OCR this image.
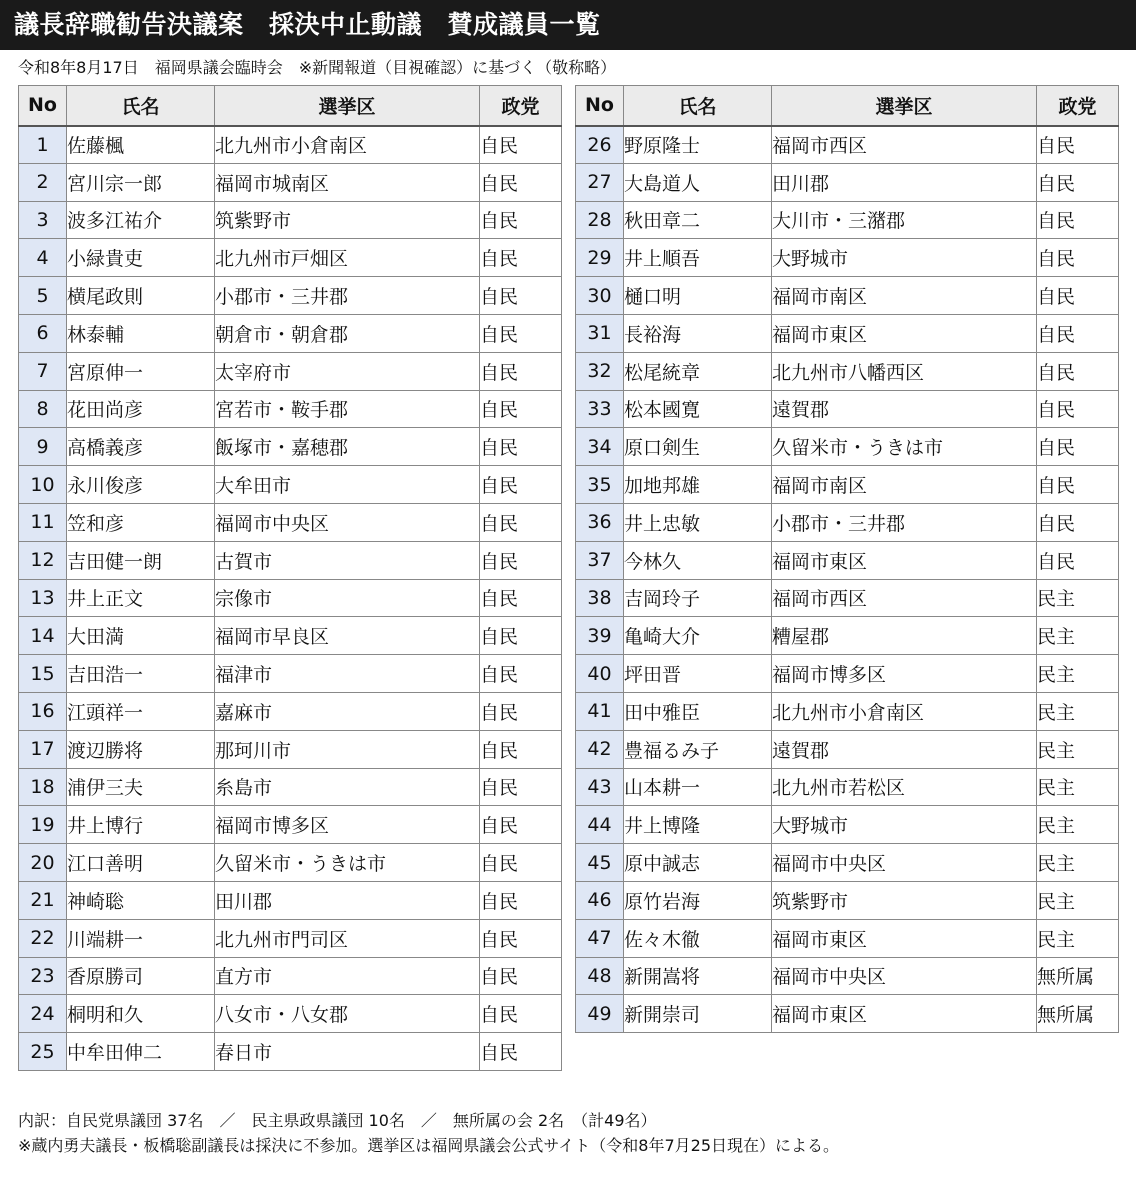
議長辞職勧告決議案　採決中止動議　賛成議員一覧
令和8年8月17日　福岡県議会臨時会　※新聞報道（目視確認）に基づく（敬称略）
No	氏名	選挙区	政党
1	佐藤楓	北九州市小倉南区	自民
2	宮川宗一郎	福岡市城南区	自民
3	波多江祐介	筑紫野市	自民
4	小緑貴吏	北九州市戸畑区	自民
5	横尾政則	小郡市・三井郡	自民
6	林泰輔	朝倉市・朝倉郡	自民
7	宮原伸一	太宰府市	自民
8	花田尚彦	宮若市・鞍手郡	自民
9	高橋義彦	飯塚市・嘉穂郡	自民
10	永川俊彦	大牟田市	自民
11	笠和彦	福岡市中央区	自民
12	吉田健一朗	古賀市	自民
13	井上正文	宗像市	自民
14	大田満	福岡市早良区	自民
15	吉田浩一	福津市	自民
16	江頭祥一	嘉麻市	自民
17	渡辺勝将	那珂川市	自民
18	浦伊三夫	糸島市	自民
19	井上博行	福岡市博多区	自民
20	江口善明	久留米市・うきは市	自民
21	神崎聡	田川郡	自民
22	川端耕一	北九州市門司区	自民
23	香原勝司	直方市	自民
24	桐明和久	八女市・八女郡	自民
25	中牟田伸二	春日市	自民
No	氏名	選挙区	政党
26	野原隆士	福岡市西区	自民
27	大島道人	田川郡	自民
28	秋田章二	大川市・三潴郡	自民
29	井上順吾	大野城市	自民
30	樋口明	福岡市南区	自民
31	長裕海	福岡市東区	自民
32	松尾統章	北九州市八幡西区	自民
33	松本國寛	遠賀郡	自民
34	原口剣生	久留米市・うきは市	自民
35	加地邦雄	福岡市南区	自民
36	井上忠敏	小郡市・三井郡	自民
37	今林久	福岡市東区	自民
38	吉岡玲子	福岡市西区	民主
39	亀崎大介	糟屋郡	民主
40	坪田晋	福岡市博多区	民主
41	田中雅臣	北九州市小倉南区	民主
42	豊福るみ子	遠賀郡	民主
43	山本耕一	北九州市若松区	民主
44	井上博隆	大野城市	民主
45	原中誠志	福岡市中央区	民主
46	原竹岩海	筑紫野市	民主
47	佐々木徹	福岡市東区	民主
48	新開嵩将	福岡市中央区	無所属
49	新開崇司	福岡市東区	無所属
内訳：自民党県議団 37名　／　民主県政県議団 10名　／　無所属の会 2名　（計49名）
※蔵内勇夫議長・板橋聡副議長は採決に不参加。選挙区は福岡県議会公式サイト（令和8年7月25日現在）による。
